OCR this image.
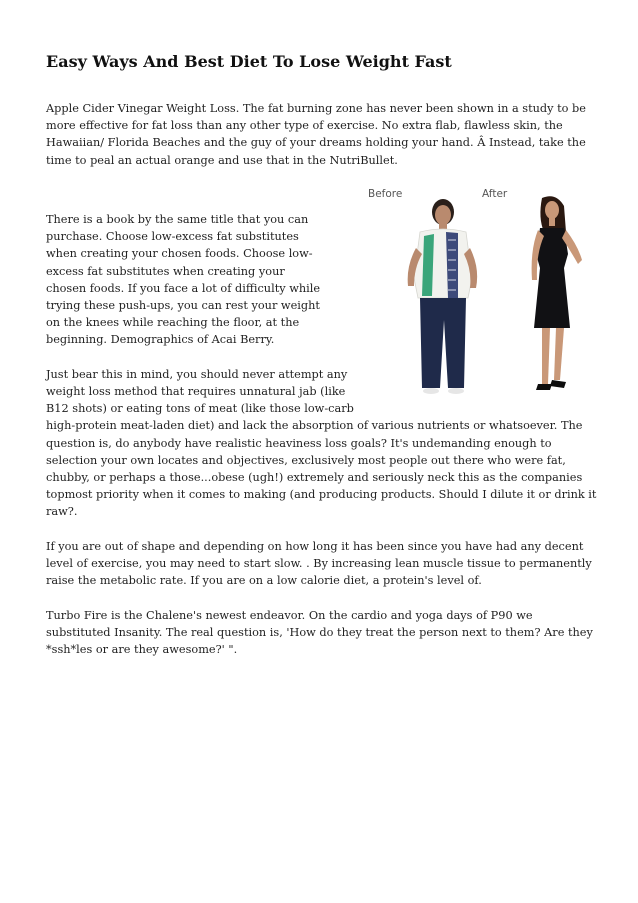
Easy Ways And Best Diet To Lose Weight Fast

Apple Cider Vinegar Weight Loss. The fat burning zone has never been shown in a study to be more effective for fat loss than any other type of exercise. No extra flab, flawless skin, the Hawaiian/ Florida Beaches and the guy of your dreams holding your hand. Â Instead, take the time to peal an actual orange and use that in the NutriBullet.

Before	After

There is a book by the same title that you can purchase. Choose low-excess fat substitutes when creating your chosen foods. Choose low-excess fat substitutes when creating your chosen foods. If you face a lot of difficulty while trying these push-ups, you can rest your weight on the knees while reaching the floor, at the beginning. Demographics of Acai Berry.

Just bear this in mind, you should never attempt any weight loss method that requires unnatural jab (like B12 shots) or eating tons of meat (like those low-carb high-protein meat-laden diet) and lack the absorption of various nutrients or whatsoever. The question is, do anybody have realistic heaviness loss goals? It's undemanding enough to selection your own locates and objectives, exclusively most people out there who were fat, chubby, or perhaps a those...obese (ugh!) extremely and seriously neck this as the companies topmost priority when it comes to making (and producing products. Should I dilute it or drink it raw?.

If you are out of shape and depending on how long it has been since you have had any decent level of exercise, you may need to start slow. . By increasing lean muscle tissue to permanently raise the metabolic rate. If you are on a low calorie diet, a protein's level of.

Turbo Fire is the Chalene's newest endeavor. On the cardio and yoga days of P90 we substituted Insanity. The real question is, 'How do they treat the person next to them? Are they *ssh*les or are they awesome?' ".
